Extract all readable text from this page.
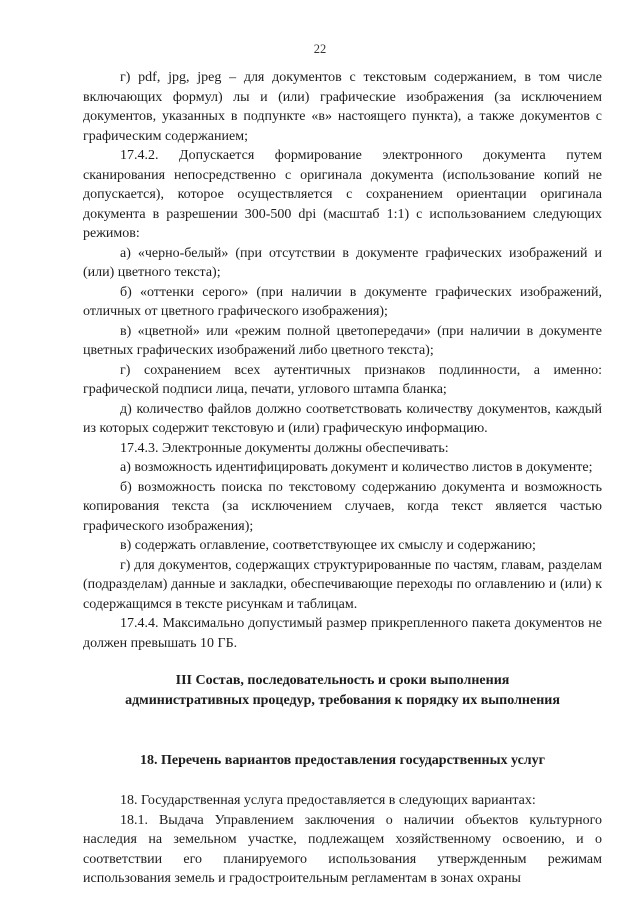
22

г) pdf, jpg, jpeg – для документов с текстовым содержанием, в том числе включающих формул) лы и (или) графические изображения (за исключением документов, указанных в подпункте «в» настоящего пункта), а также документов с графическим содержанием;

17.4.2. Допускается формирование электронного документа путем сканирования непосредственно с оригинала документа (использование копий не допускается), которое осуществляется с сохранением ориентации оригинала документа в разрешении 300-500 dpi (масштаб 1:1) с использованием следующих режимов:

а) «черно-белый» (при отсутствии в документе графических изображений и (или) цветного текста);

б) «оттенки серого» (при наличии в документе графических изображений, отличных от цветного графического изображения);

в) «цветной» или «режим полной цветопередачи» (при наличии в документе цветных графических изображений либо цветного текста);

г) сохранением всех аутентичных признаков подлинности, а именно: графической подписи лица, печати, углового штампа бланка;

д) количество файлов должно соответствовать количеству документов, каждый из которых содержит текстовую и (или) графическую информацию.

17.4.3. Электронные документы должны обеспечивать:

а) возможность идентифицировать документ и количество листов в документе;

б) возможность поиска по текстовому содержанию документа и возможность копирования текста (за исключением случаев, когда текст является частью графического изображения);

в) содержать оглавление, соответствующее их смыслу и содержанию;

г) для документов, содержащих структурированные по частям, главам, разделам (подразделам) данные и закладки, обеспечивающие переходы по оглавлению и (или) к содержащимся в тексте рисункам и таблицам.

17.4.4. Максимально допустимый размер прикрепленного пакета документов не должен превышать 10 ГБ.

III Состав, последовательность и сроки выполнения
административных процедур, требования к порядку их выполнения
18. Перечень вариантов предоставления государственных услуг

18. Государственная услуга предоставляется в следующих вариантах:

18.1. Выдача Управлением заключения о наличии объектов культурного наследия на земельном участке, подлежащем хозяйственному освоению, и о соответствии его планируемого использования утвержденным режимам использования земель и градостроительным регламентам в зонах охраны
